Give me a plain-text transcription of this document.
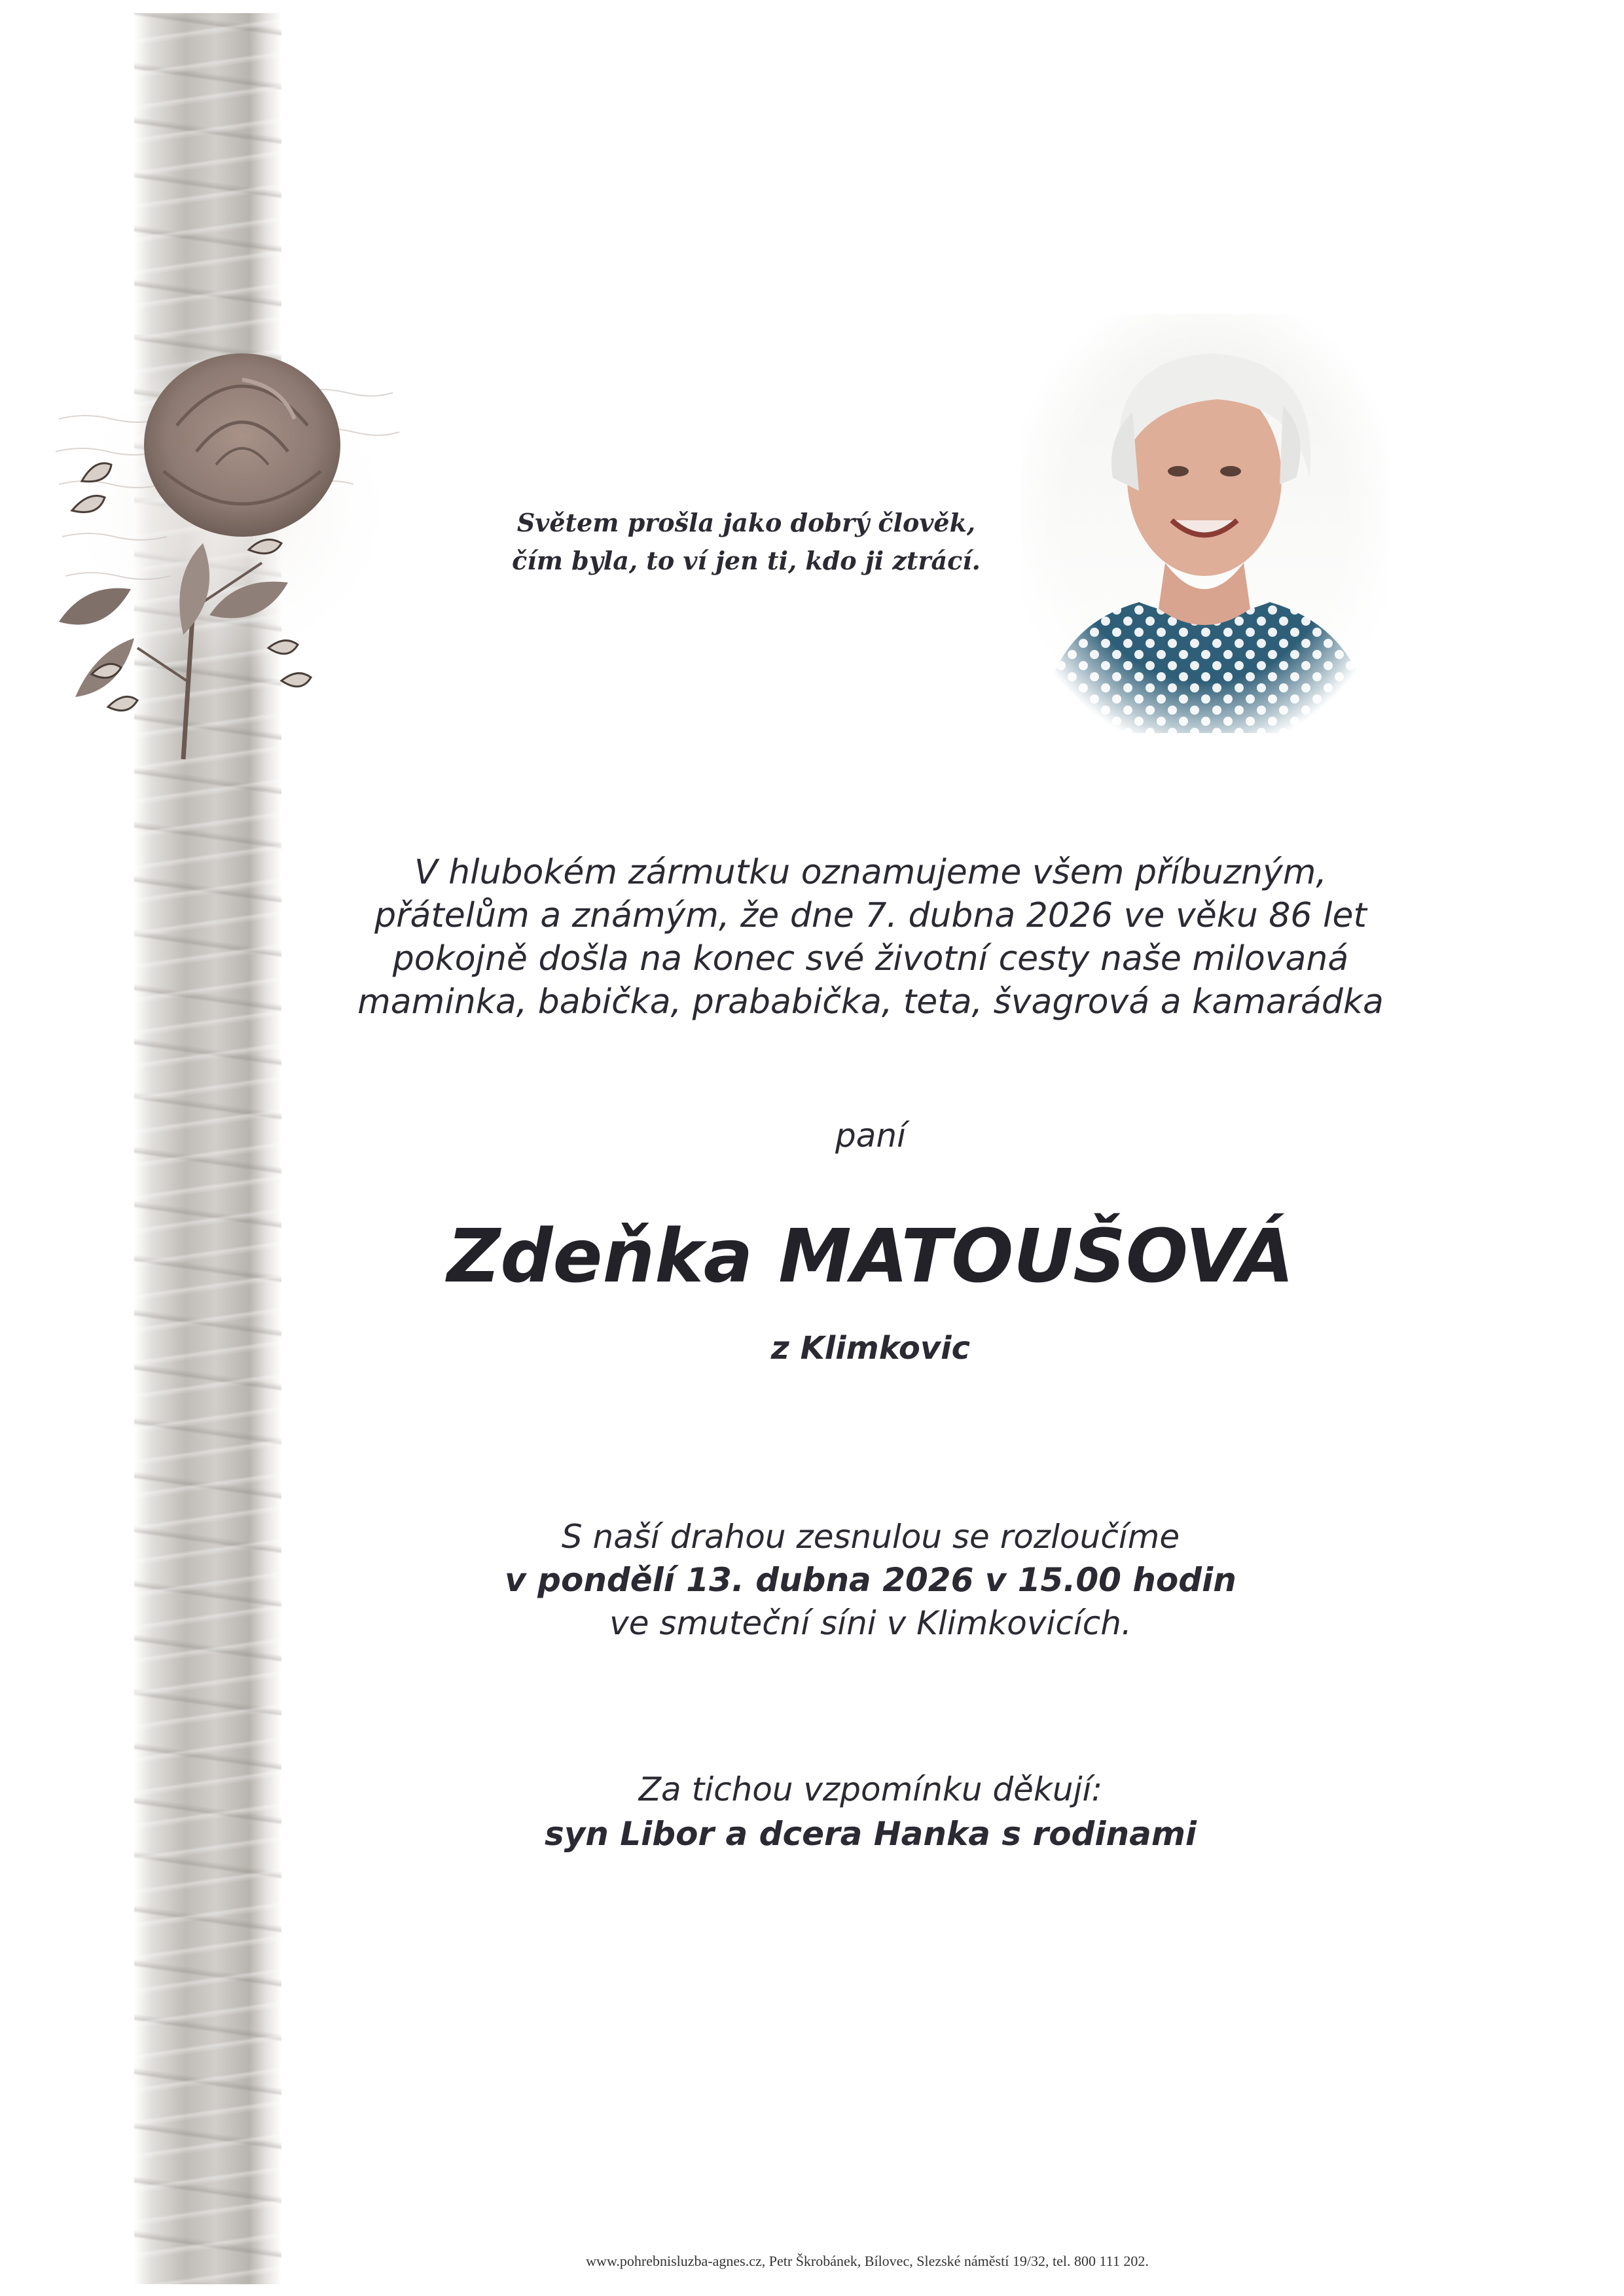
Světem prošla jako dobrý člověk,
čím byla, to ví jen ti, kdo ji ztrácí.
V hlubokém zármutku oznamujeme všem příbuzným,
přátelům a známým, že dne 7. dubna 2026 ve věku 86 let
pokojně došla na konec své životní cesty naše milovaná
maminka, babička, prababička, teta, švagrová a kamarádka
paní
Zdeňka MATOUŠOVÁ
z Klimkovic
S naší drahou zesnulou se rozloučíme
v pondělí 13. dubna 2026 v 15.00 hodin
ve smuteční síni v Klimkovicích.
Za tichou vzpomínku děkují:
syn Libor a dcera Hanka s rodinami
www.pohrebnisluzba-agnes.cz, Petr Škrobánek, Bílovec, Slezské náměstí 19/32, tel. 800 111 202.
